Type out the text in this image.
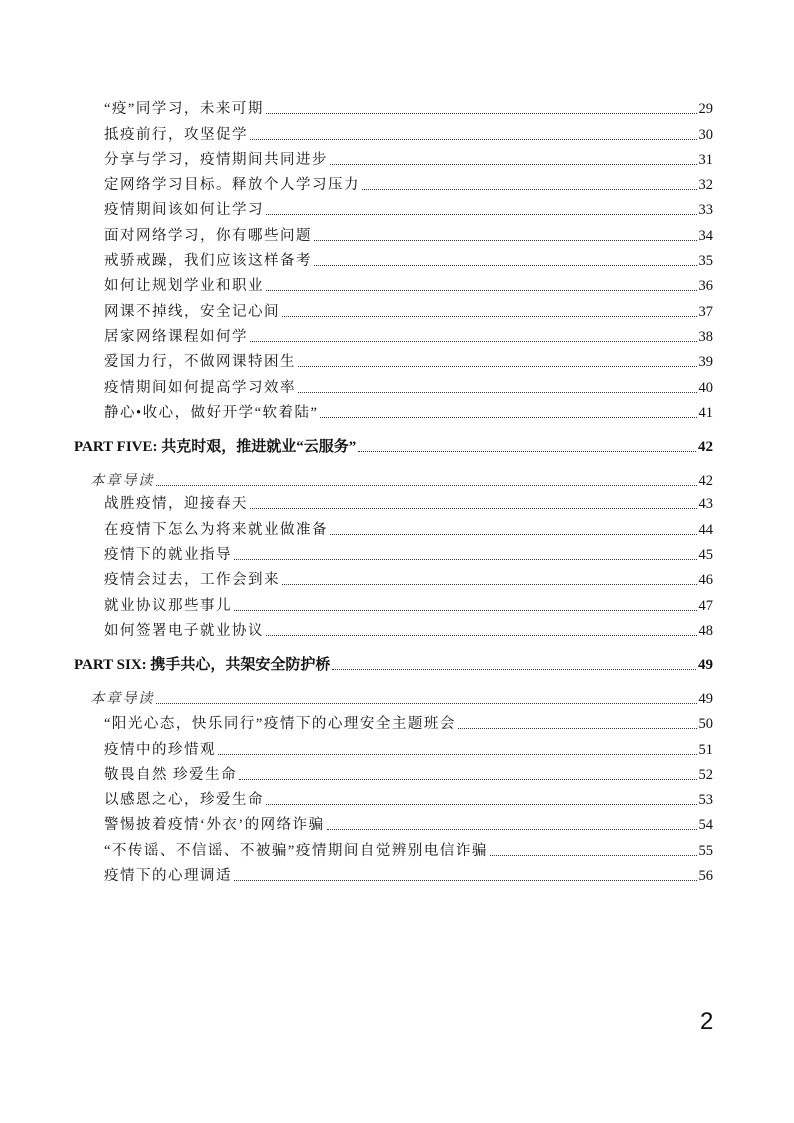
“疫”同学习，未来可期	29
抵疫前行，攻坚促学	30
分享与学习，疫情期间共同进步	31
定网络学习目标。释放个人学习压力	32
疫情期间该如何让学习	33
面对网络学习，你有哪些问题	34
戒骄戒躁，我们应该这样备考	35
如何让规划学业和职业	36
网课不掉线，安全记心间	37
居家网络课程如何学	38
爱国力行，不做网课特困生	39
疫情期间如何提高学习效率	40
静心•收心，做好开学“软着陆”	41
PART FIVE: 共克时艰，推进就业“云服务”	42
本章导读	42
战胜疫情，迎接春天	43
在疫情下怎么为将来就业做准备	44
疫情下的就业指导	45
疫情会过去，工作会到来	46
就业协议那些事儿	47
如何签署电子就业协议	48
PART SIX: 携手共心，共架安全防护桥	49
本章导读	49
“阳光心态，快乐同行”疫情下的心理安全主题班会	50
疫情中的珍惜观	51
敬畏自然 珍爱生命	52
以感恩之心，珍爱生命	53
警惕披着疫情‘外衣’的网络诈骗	54
“不传谣、不信谣、不被骗”疫情期间自觉辨别电信诈骗	55
疫情下的心理调适	56
2
